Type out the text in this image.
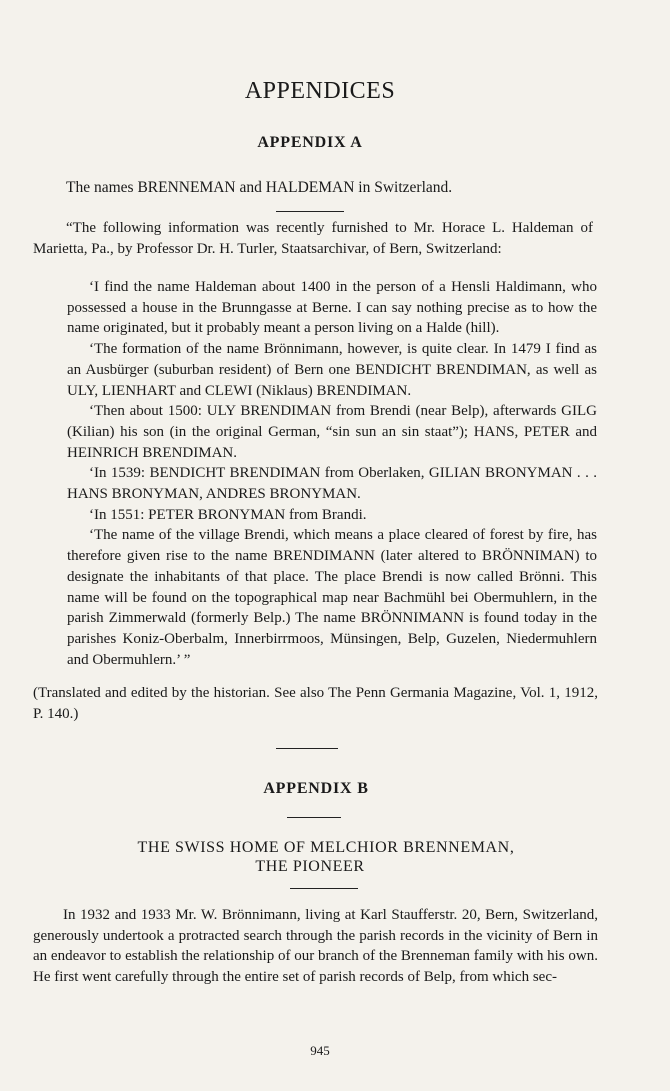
APPENDICES
APPENDIX A
The names BRENNEMAN and HALDEMAN in Switzerland.

“The following information was recently furnished to Mr. Horace L. Haldeman of Marietta, Pa., by Professor Dr. H. Turler, Staatsarchivar, of Bern, Switzerland:

‘I find the name Haldeman about 1400 in the person of a Hensli Haldimann, who possessed a house in the Brunngasse at Berne. I can say nothing precise as to how the name originated, but it probably meant a person living on a Halde (hill).

‘The formation of the name Brönnimann, however, is quite clear. In 1479 I find as an Ausbürger (suburban resident) of Bern one BENDICHT BRENDIMAN, as well as ULY, LIENHART and CLEWI (Niklaus) BRENDIMAN.

‘Then about 1500: ULY BRENDIMAN from Brendi (near Belp), afterwards GILG (Kilian) his son (in the original German, “sin sun an sin staat”); HANS, PETER and HEINRICH BRENDIMAN.

‘In 1539: BENDICHT BRENDIMAN from Oberlaken, GILIAN BRONYMAN . . . HANS BRONYMAN, ANDRES BRONYMAN.

‘In 1551: PETER BRONYMAN from Brandi.

‘The name of the village Brendi, which means a place cleared of forest by fire, has therefore given rise to the name BRENDIMANN (later altered to BRÖNNIMAN) to designate the inhabitants of that place. The place Brendi is now called Brönni. This name will be found on the topographical map near Bachmühl bei Obermuhlern, in the parish Zimmerwald (formerly Belp.) The name BRÖNNIMANN is found today in the parishes Koniz-Oberbalm, Innerbirrmoos, Münsingen, Belp, Guzelen, Niedermuhlern and Obermuhlern.’ ”

(Translated and edited by the historian. See also The Penn Germania Magazine, Vol. 1, 1912, P. 140.)

APPENDIX B
THE SWISS HOME OF MELCHIOR BRENNEMAN,
THE PIONEER

In 1932 and 1933 Mr. W. Brönnimann, living at Karl Staufferstr. 20, Bern, Switzerland, generously undertook a protracted search through the parish records in the vicinity of Bern in an endeavor to establish the relationship of our branch of the Brenneman family with his own. He first went carefully through the entire set of parish records of Belp, from which sec-

945
